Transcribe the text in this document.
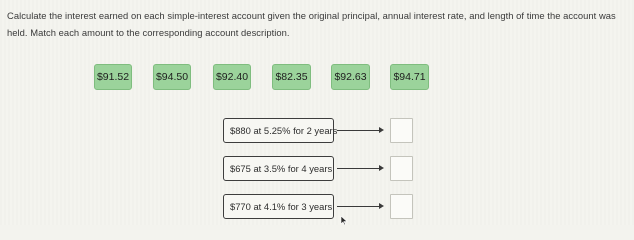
Calculate the interest earned on each simple-interest account given the original principal, annual interest rate, and length of time the account was held. Match each amount to the corresponding account description.
$91.52	$94.50	$92.40	$82.35	$92.63	$94.71
$880 at 5.25% for 2 years
$675 at 3.5% for 4 years
$770 at 4.1% for 3 years
